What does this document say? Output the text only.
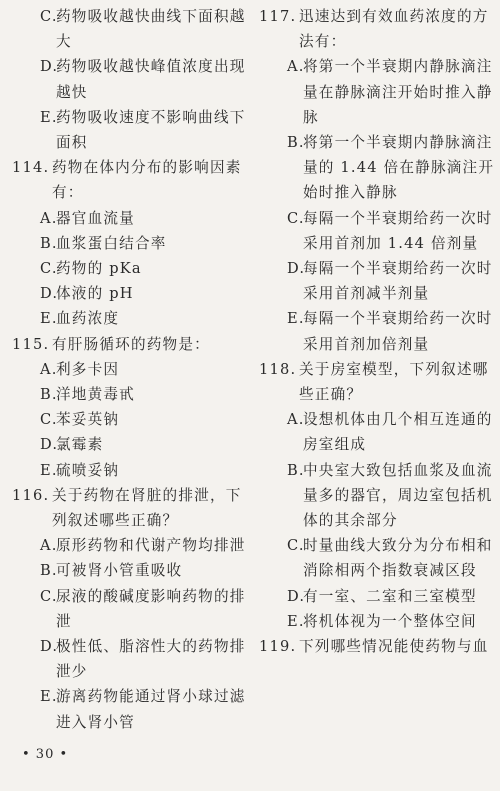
C.
药物吸收越快曲线下面积越大
D.
药物吸收越快峰值浓度出现越快
E.
药物吸收速度不影响曲线下面积
114. 药物在体内分布的影响因素有：
A.
器官血流量
B.
血浆蛋白结合率
C.
药物的 pKa
D.
体液的 pH
E.
血药浓度
115. 有肝肠循环的药物是：
A.
利多卡因
B.
洋地黄毒甙
C.
苯妥英钠
D.
氯霉素
E.
硫喷妥钠
116. 关于药物在肾脏的排泄，下列叙述哪些正确？
A.
原形药物和代谢产物均排泄
B.
可被肾小管重吸收
C.
尿液的酸碱度影响药物的排泄
D.
极性低、脂溶性大的药物排泄少
E.
游离药物能通过肾小球过滤进入肾小管
117. 迅速达到有效血药浓度的方法有：
A.
将第一个半衰期内静脉滴注量在静脉滴注开始时推入静脉
B.
将第一个半衰期内静脉滴注量的 1.44 倍在静脉滴注开始时推入静脉
C.
每隔一个半衰期给药一次时采用首剂加 1.44 倍剂量
D.
每隔一个半衰期给药一次时采用首剂减半剂量
E.
每隔一个半衰期给药一次时采用首剂加倍剂量
118. 关于房室模型，下列叙述哪些正确？
A.
设想机体由几个相互连通的房室组成
B.
中央室大致包括血浆及血流量多的器官，周边室包括机体的其余部分
C.
时量曲线大致分为分布相和消除相两个指数衰减区段
D.
有一室、二室和三室模型
E.
将机体视为一个整体空间
119. 下列哪些情况能使药物与血
• 30 •
